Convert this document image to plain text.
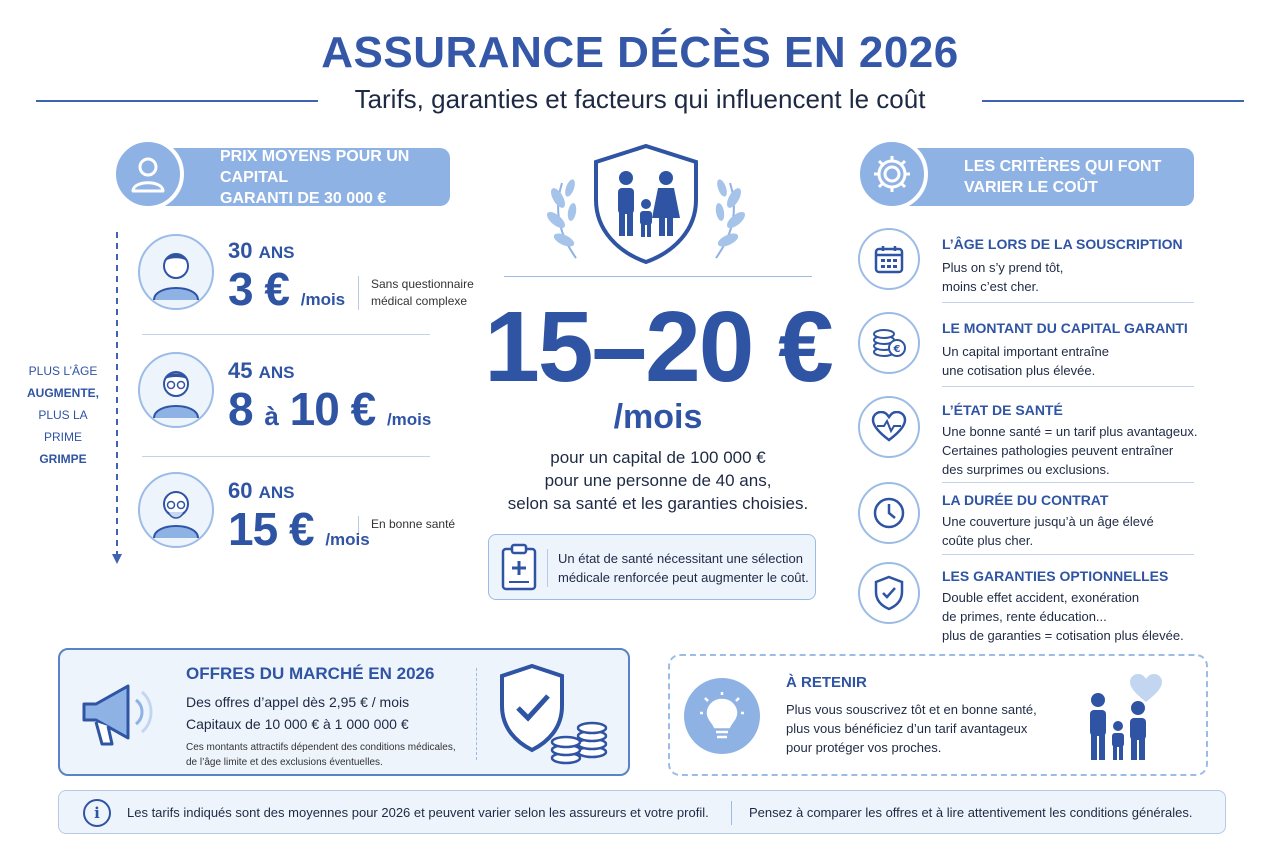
ASSURANCE DÉCÈS EN 2026
Tarifs, garanties et facteurs qui influencent le coût
PRIX MOYENS POUR UN CAPITAL
GARANTI DE 30 000 €
PLUS L’ÂGE
AUGMENTE,
PLUS LA PRIME
GRIMPE
30 ANS
3 € /mois
Sans questionnaire
médical complexe
45 ANS
8 à 10 € /mois
60 ANS
15 € /mois
En bonne santé
15–20 €
/mois
pour un capital de 100 000 €
pour une personne de 40 ans,
selon sa santé et les garanties choisies.
Un état de santé nécessitant une sélection
médicale renforcée peut augmenter le coût.
LES CRITÈRES QUI FONT
VARIER LE COÛT
L’ÂGE LORS DE LA SOUSCRIPTION
Plus on s’y prend tôt,
moins c’est cher.
€
LE MONTANT DU CAPITAL GARANTI
Un capital important entraîne
une cotisation plus élevée.
L’ÉTAT DE SANTÉ
Une bonne santé = un tarif plus avantageux.
Certaines pathologies peuvent entraîner
des surprimes ou exclusions.
LA DURÉE DU CONTRAT
Une couverture jusqu’à un âge élevé
coûte plus cher.
LES GARANTIES OPTIONNELLES
Double effet accident, exonération
de primes, rente éducation...
plus de garanties = cotisation plus élevée.
OFFRES DU MARCHÉ EN 2026
Des offres d’appel dès 2,95 € / mois
Capitaux de 10 000 € à 1 000 000 €
Ces montants attractifs dépendent des conditions médicales,
de l’âge limite et des exclusions éventuelles.
À RETENIR
Plus vous souscrivez tôt et en bonne santé,
plus vous bénéficiez d’un tarif avantageux
pour protéger vos proches.
i	Les tarifs indiqués sont des moyennes pour 2026 et peuvent varier selon les assureurs et votre profil.	Pensez à comparer les offres et à lire attentivement les conditions générales.
